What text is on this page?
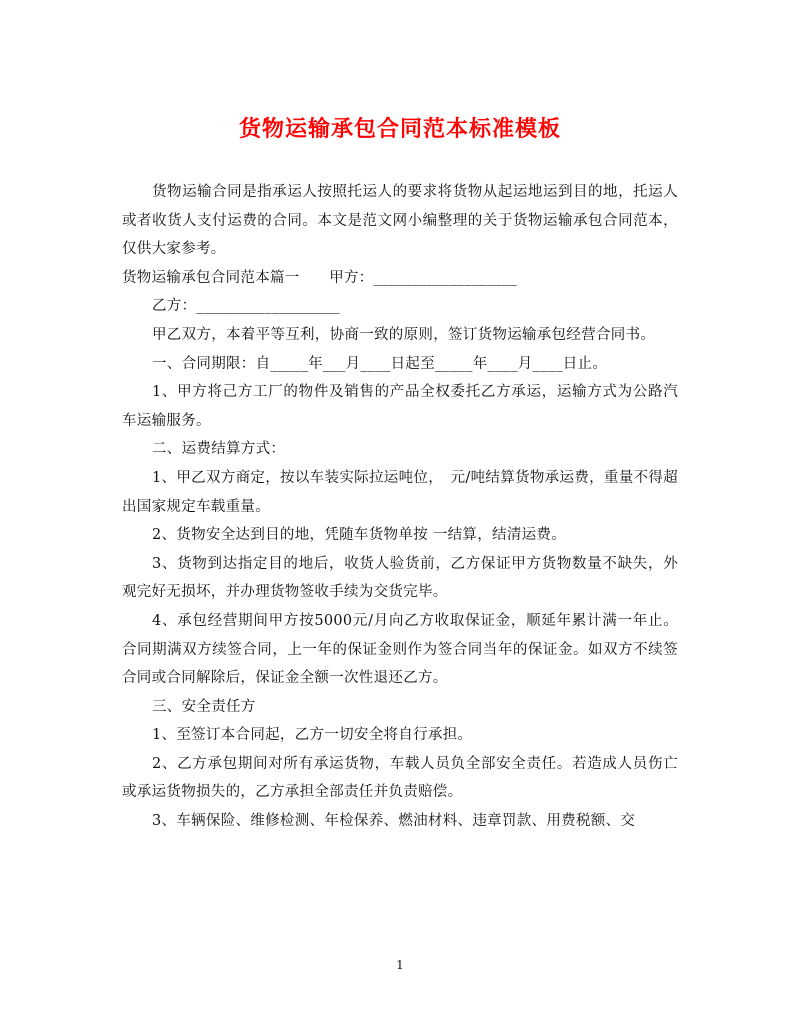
货物运输承包合同范本标准模板

货物运输合同是指承运人按照托运人的要求将货物从起运地运到目的地，托运人或者收货人支付运费的合同。本文是范文网小编整理的关于货物运输承包合同范本，仅供大家参考。

货物运输承包合同范本篇一　　甲方：___________________

乙方：___________________

甲乙双方，本着平等互利，协商一致的原则，签订货物运输承包经营合同书。

一、合同期限：自_____年___月____日起至_____年____月____日止。

1、甲方将己方工厂的物件及销售的产品全权委托乙方承运，运输方式为公路汽车运输服务。

二、运费结算方式：

1、甲乙双方商定，按以车装实际拉运吨位，　元/吨结算货物承运费，重量不得超出国家规定车载重量。

2、货物安全达到目的地，凭随车货物单按 一结算，结清运费。

3、货物到达指定目的地后，收货人验货前，乙方保证甲方货物数量不缺失，外观完好无损坏，并办理货物签收手续为交货完毕。

4、承包经营期间甲方按5000元/月向乙方收取保证金，顺延年累计满一年止。合同期满双方续签合同，上一年的保证金则作为签合同当年的保证金。如双方不续签合同或合同解除后，保证金全额一次性退还乙方。

三、安全责任方

1、至签订本合同起，乙方一切安全将自行承担。

2、乙方承包期间对所有承运货物，车载人员负全部安全责任。若造成人员伤亡或承运货物损失的，乙方承担全部责任并负责赔偿。

3、车辆保险、维修检测、年检保养、燃油材料、违章罚款、用费税额、交

1
